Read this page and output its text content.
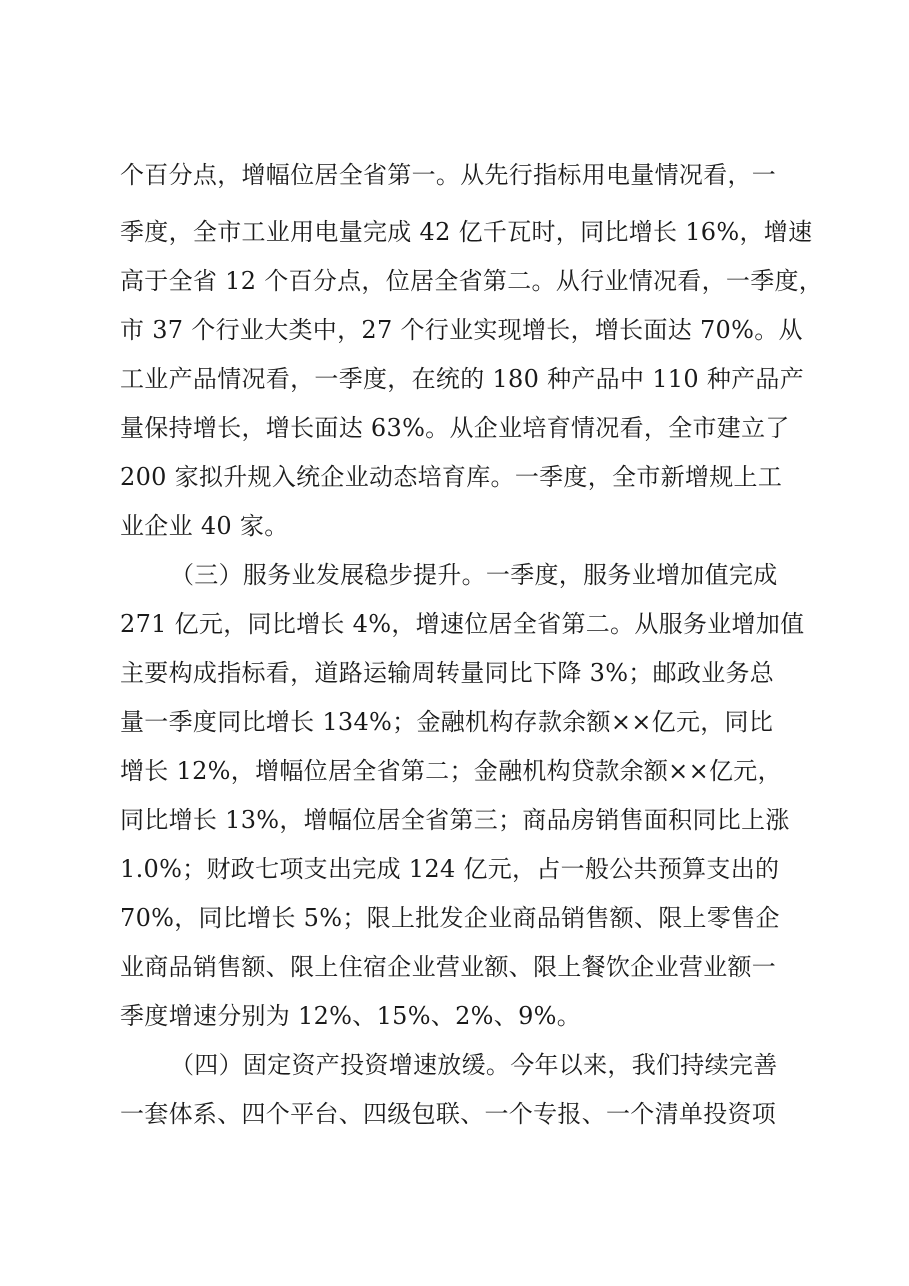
个百分点，增幅位居全省第一。从先行指标用电量情况看，一
季度，全市工业用电量完成 42 亿千瓦时，同比增长 16%，增速
高于全省 12 个百分点，位居全省第二。从行业情况看，一季度，
市 37 个行业大类中，27 个行业实现增长，增长面达 70%。从
工业产品情况看，一季度，在统的 180 种产品中 110 种产品产
量保持增长，增长面达 63%。从企业培育情况看，全市建立了
200 家拟升规入统企业动态培育库。一季度，全市新增规上工
业企业 40 家。
（三）服务业发展稳步提升。一季度，服务业增加值完成
271 亿元，同比增长 4%，增速位居全省第二。从服务业增加值
主要构成指标看，道路运输周转量同比下降 3%；邮政业务总
量一季度同比增长 134%；金融机构存款余额××亿元，同比
增长 12%，增幅位居全省第二；金融机构贷款余额××亿元，
同比增长 13%，增幅位居全省第三；商品房销售面积同比上涨
1.0%；财政七项支出完成 124 亿元，占一般公共预算支出的
70%，同比增长 5%；限上批发企业商品销售额、限上零售企
业商品销售额、限上住宿企业营业额、限上餐饮企业营业额一
季度增速分别为 12%、15%、2%、9%。
（四）固定资产投资增速放缓。今年以来，我们持续完善
一套体系、四个平台、四级包联、一个专报、一个清单投资项
